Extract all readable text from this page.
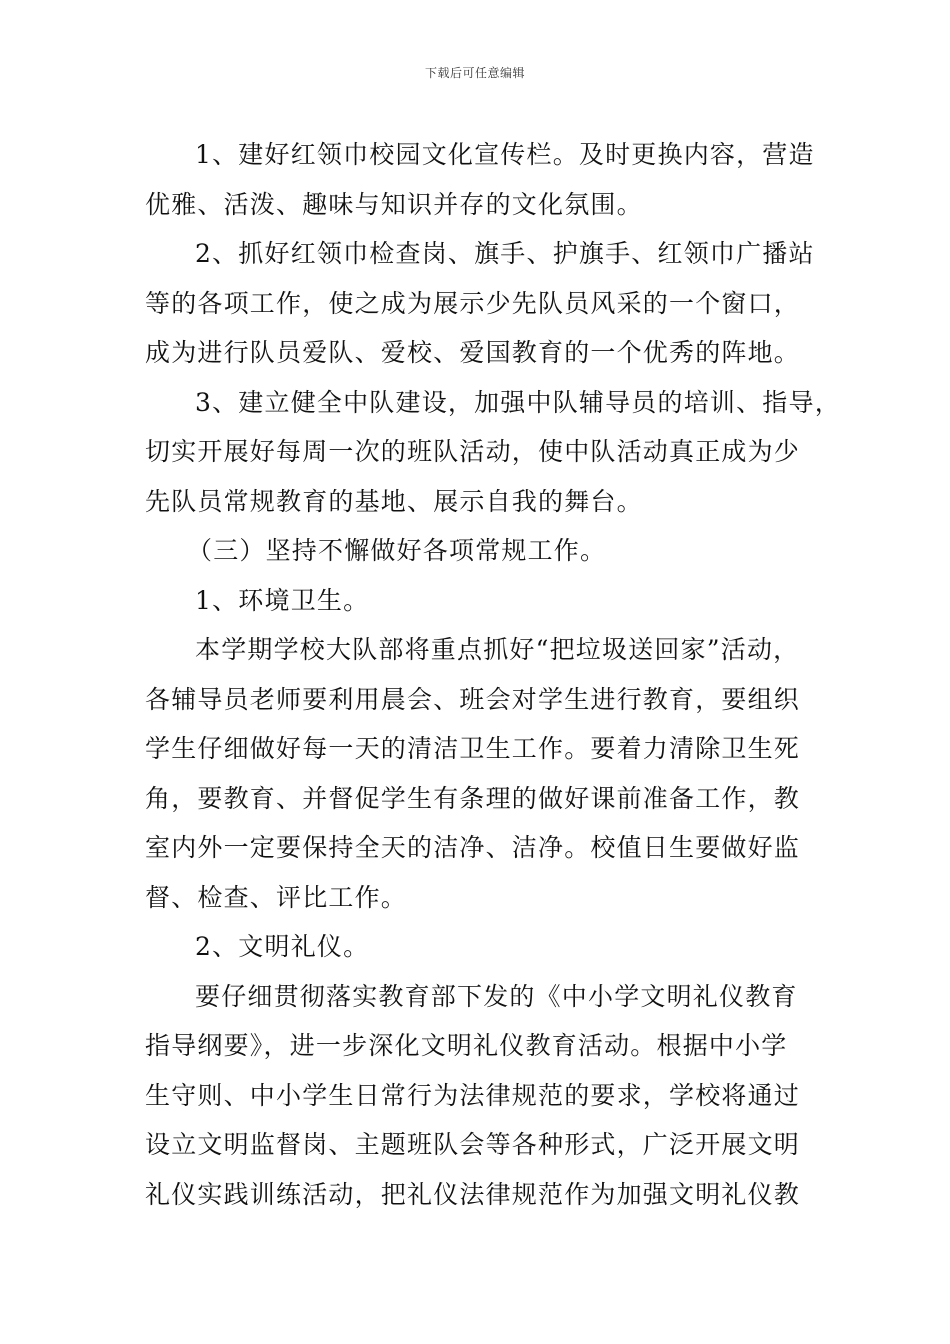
下载后可任意编辑
1、建好红领巾校园文化宣传栏。及时更换内容，营造
优雅、活泼、趣味与知识并存的文化氛围。
2、抓好红领巾检查岗、旗手、护旗手、红领巾广播站
等的各项工作，使之成为展示少先队员风采的一个窗口，
成为进行队员爱队、爱校、爱国教育的一个优秀的阵地。
3、建立健全中队建设，加强中队辅导员的培训、指导，
切实开展好每周一次的班队活动，使中队活动真正成为少
先队员常规教育的基地、展示自我的舞台。
（三）坚持不懈做好各项常规工作。
1、环境卫生。
本学期学校大队部将重点抓好“把垃圾送回家”活动，
各辅导员老师要利用晨会、班会对学生进行教育，要组织
学生仔细做好每一天的清洁卫生工作。要着力清除卫生死
角，要教育、并督促学生有条理的做好课前准备工作，教
室内外一定要保持全天的洁净、洁净。校值日生要做好监
督、检查、评比工作。
2、文明礼仪。
要仔细贯彻落实教育部下发的《中小学文明礼仪教育
指导纲要》，进一步深化文明礼仪教育活动。根据中小学
生守则、中小学生日常行为法律规范的要求，学校将通过
设立文明监督岗、主题班队会等各种形式，广泛开展文明
礼仪实践训练活动，把礼仪法律规范作为加强文明礼仪教
